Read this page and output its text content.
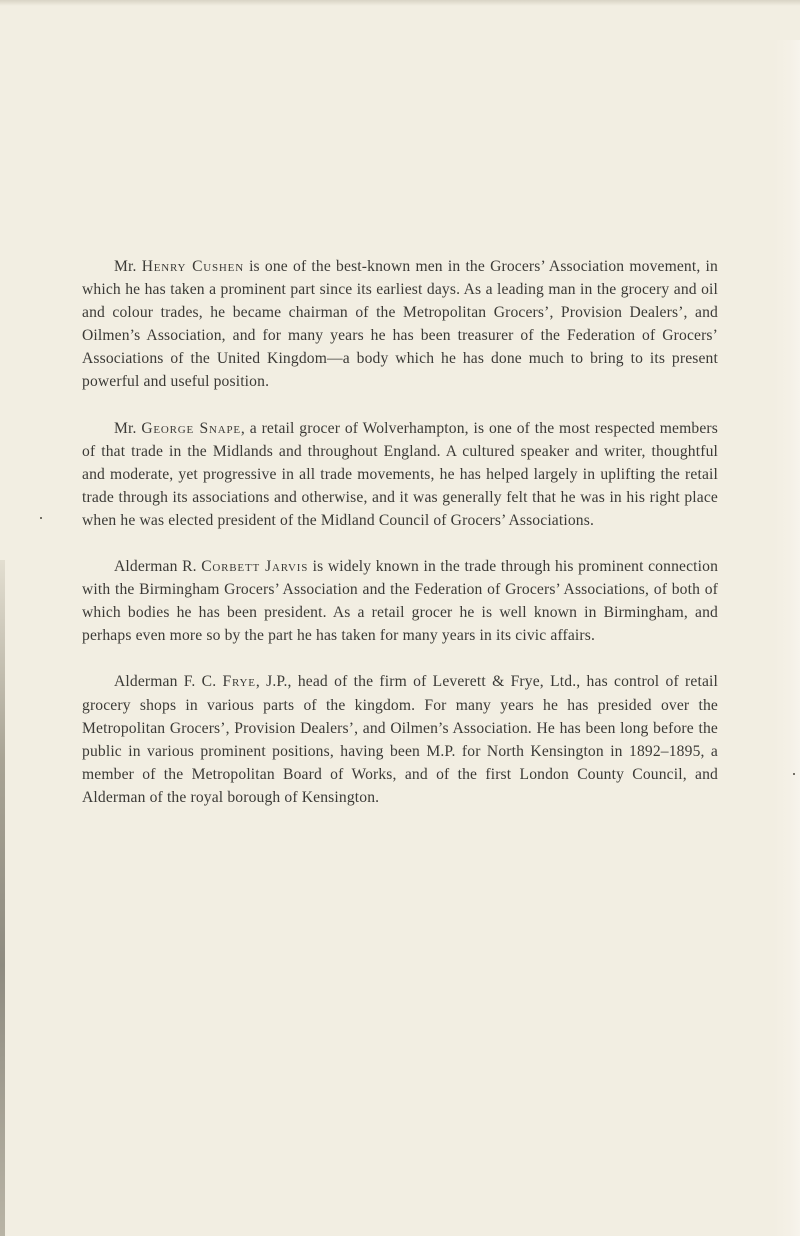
Mr. Henry Cushen is one of the best-known men in the Grocers’ Association movement, in which he has taken a prominent part since its earliest days. As a leading man in the grocery and oil and colour trades, he became chairman of the Metropolitan Grocers’, Provision Dealers’, and Oilmen’s Association, and for many years he has been treasurer of the Federation of Grocers’ Associations of the United Kingdom—a body which he has done much to bring to its present powerful and useful position.

Mr. George Snape, a retail grocer of Wolverhampton, is one of the most respected members of that trade in the Midlands and throughout England. A cultured speaker and writer, thoughtful and moderate, yet progressive in all trade movements, he has helped largely in uplifting the retail trade through its associations and otherwise, and it was generally felt that he was in his right place when he was elected president of the Midland Council of Grocers’ Associations.

Alderman R. Corbett Jarvis is widely known in the trade through his prominent connection with the Birmingham Grocers’ Association and the Federation of Grocers’ Associations, of both of which bodies he has been president. As a retail grocer he is well known in Birmingham, and perhaps even more so by the part he has taken for many years in its civic affairs.

Alderman F. C. Frye, J.P., head of the firm of Leverett & Frye, Ltd., has control of retail grocery shops in various parts of the kingdom. For many years he has presided over the Metropolitan Grocers’, Provision Dealers’, and Oilmen’s Association. He has been long before the public in various prominent positions, having been M.P. for North Kensington in 1892–1895, a member of the Metropolitan Board of Works, and of the first London County Council, and Alderman of the royal borough of Kensington.
